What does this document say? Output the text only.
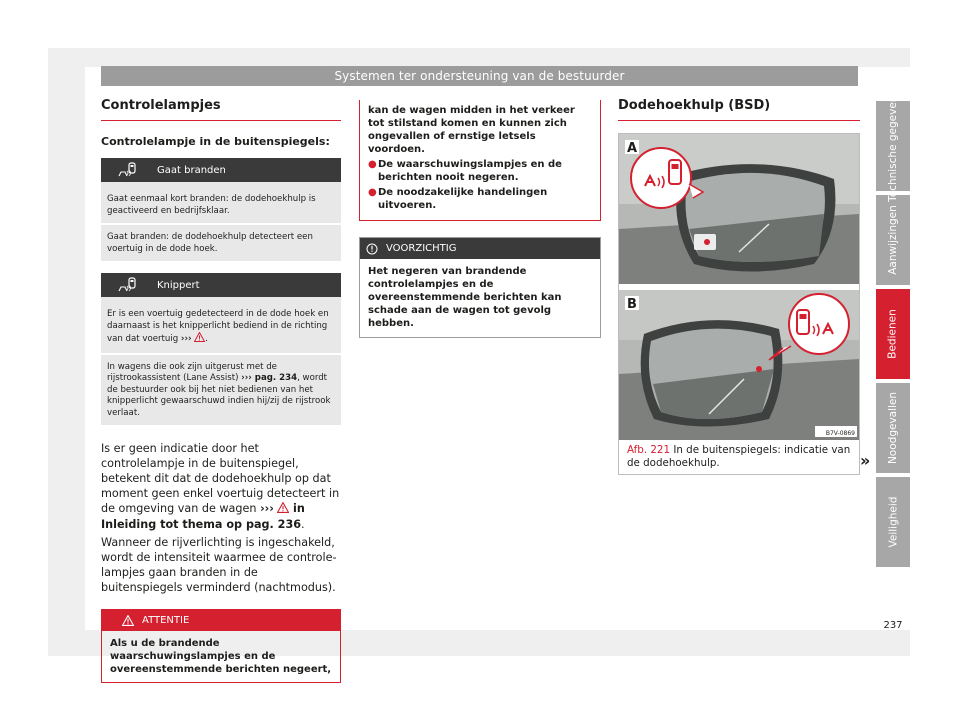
Systemen ter ondersteuning van de bestuurder
Controlelampjes
Controlelampje in de buitenspiegels:
Gaat branden
Gaat eenmaal kort branden: de dodehoekhulp is geactiveerd en bedrijfsklaar.
Gaat branden: de dodehoekhulp detecteert een voertuig in de dode hoek.
Knippert
Er is een voertuig gedetecteerd in de dode hoek en daarnaast is het knipperlicht bediend in de richting van dat voertuig ››› .
In wagens die ook zijn uitgerust met de rijstrookassistent (Lane Assist) ››› pag. 234, wordt de bestuurder ook bij het niet bedienen van het knipperlicht gewaarschuwd indien hij/zij de rijstrook verlaat.
Is er geen indicatie door het controlelampje in de buitenspiegel, betekent dit dat de dodehoekhulp op dat moment geen enkel voertuig detecteert in de omgeving van de wagen ››› in Inleiding tot thema op pag. 236.
Wanneer de rijverlichting is ingeschakeld, wordt de intensiteit waarmee de controlelampjes gaan branden in de buitenspiegels verminderd (nachtmodus).
ATTENTIE
Als u de brandende waarschuwingslampjes en de overeenstemmende berichten negeert,
kan de wagen midden in het verkeer tot stilstand komen en kunnen zich ongevallen of ernstige letsels voordoen.
● De waarschuwingslampjes en de berichten nooit negeren.
● De noodzakelijke handelingen uitvoeren.
VOORZICHTIG
Het negeren van brandende controlelampjes en de overeenstemmende berichten kan schade aan de wagen tot gevolg hebben.
Dodehoekhulp (BSD)
A
B
B7V-0869
Afb. 221 In de buitenspiegels: indicatie van de dodehoekhulp.	»
Technische gegevens
Aanwijzingen
Bedienen
Noodgevallen
Veiligheid
237
